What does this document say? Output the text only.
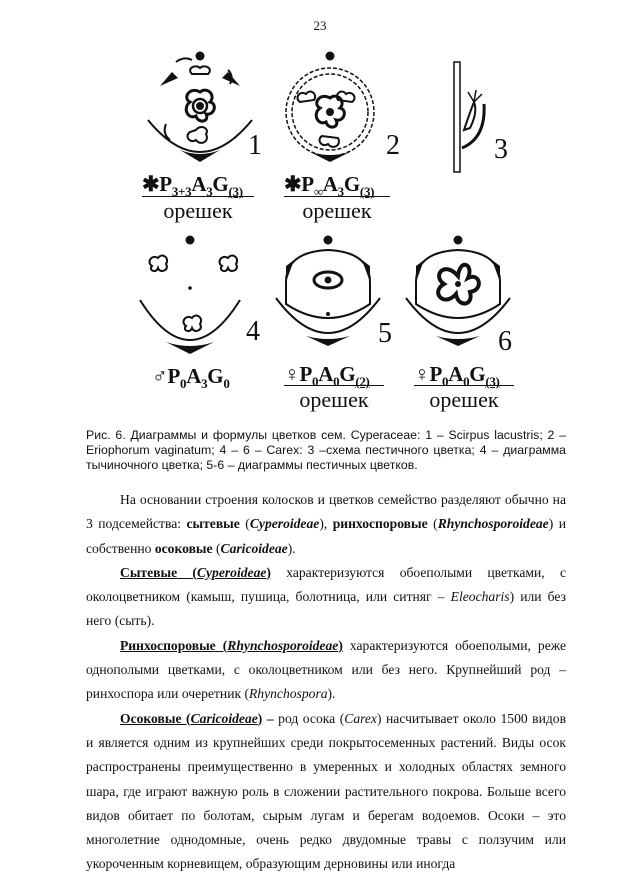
23
1	2	3
4	5	6
$✱P_{3+3}A_3G_{(3)}$
орешек
$✱P_\infty A_3G_{(3)}$
орешек
$♂P_0A_3G_0$	$♀P_0A_0G_{(2)}$
орешек
$♀P_0A_0G_{(3)}$
орешек
Рис. 6. Диаграммы и формулы цветков сем. Cyperaceae: 1 – Scirpus lacustris; 2 – Eriophorum vaginatum; 4 – 6 – Carex: 3 –схема пестичного цветка; 4 – диаграмма тычиночного цветка; 5-6 – диаграммы пестичных цветков.

На основании строения колосков и цветков семейство разделяют обычно на 3 подсемейства: сытевые (Cyperoideae), ринхоспоровые (Rhynchosporoideae) и собственно осоковые (Caricoideae).

Сытевые (Cyperoideae) характеризуются обоеполыми цветками, с околоцветником (камыш, пушица, болотница, или ситняг – Eleocharis) или без него (сыть).

Ринхоспоровые (Rhynchosporoideae) характеризуются обоеполыми, реже однополыми цветками, с околоцветником или без него. Крупнейший род – ринхоспора или очеретник (Rhynchospora).

Осоковые (Caricoideae) – род осока (Carex) насчитывает около 1500 видов и является одним из крупнейших среди покрытосеменных растений. Виды осок распространены преимущественно в умеренных и холодных областях земного шара, где играют важную роль в сложении растительного покрова. Больше всего видов обитает по болотам, сырым лугам и берегам водоемов. Осоки – это многолетние однодомные, очень редко двудомные травы с ползучим или укороченным корневищем, образующим дерновины или иногда
